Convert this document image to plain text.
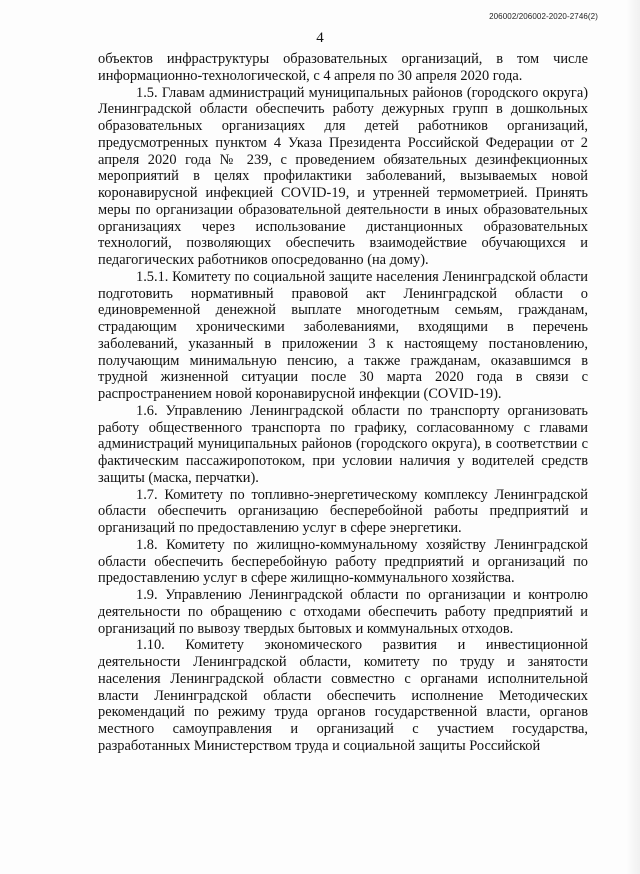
206002/206002-2020-2746(2)
4

объектов инфраструктуры образовательных организаций, в том числе информационно-технологической, с 4 апреля по 30 апреля 2020 года.

1.5. Главам администраций муниципальных районов (городского округа) Ленинградской области обеспечить работу дежурных групп в дошкольных образовательных организациях для детей работников организаций, предусмотренных пунктом 4 Указа Президента Российской Федерации от 2 апреля 2020 года № 239, с проведением обязательных дезинфекционных мероприятий в целях профилактики заболеваний, вызываемых новой коронавирусной инфекцией COVID-19, и утренней термометрией. Принять меры по организации образовательной деятельности в иных образовательных организациях через использование дистанционных образовательных технологий, позволяющих обеспечить взаимодействие обучающихся и педагогических работников опосредованно (на дому).

1.5.1. Комитету по социальной защите населения Ленинградской области подготовить нормативный правовой акт Ленинградской области о единовременной денежной выплате многодетным семьям, гражданам, страдающим хроническими заболеваниями, входящими в перечень заболеваний, указанный в приложении 3 к настоящему постановлению, получающим минимальную пенсию, а также гражданам, оказавшимся в трудной жизненной ситуации после 30 марта 2020 года в связи с распространением новой коронавирусной инфекции (COVID-19).

1.6. Управлению Ленинградской области по транспорту организовать работу общественного транспорта по графику, согласованному с главами администраций муниципальных районов (городского округа), в соответствии с фактическим пассажиропотоком, при условии наличия у водителей средств защиты (маска, перчатки).

1.7. Комитету по топливно-энергетическому комплексу Ленинградской области обеспечить организацию бесперебойной работы предприятий и организаций по предоставлению услуг в сфере энергетики.

1.8. Комитету по жилищно-коммунальному хозяйству Ленинградской области обеспечить бесперебойную работу предприятий и организаций по предоставлению услуг в сфере жилищно-коммунального хозяйства.

1.9. Управлению Ленинградской области по организации и контролю деятельности по обращению с отходами обеспечить работу предприятий и организаций по вывозу твердых бытовых и коммунальных отходов.

1.10. Комитету экономического развития и инвестиционной деятельности Ленинградской области, комитету по труду и занятости населения Ленинградской области совместно с органами исполнительной власти Ленинградской области обеспечить исполнение Методических рекомендаций по режиму труда органов государственной власти, органов местного самоуправления и организаций с участием государства, разработанных Министерством труда и социальной защиты Российской
